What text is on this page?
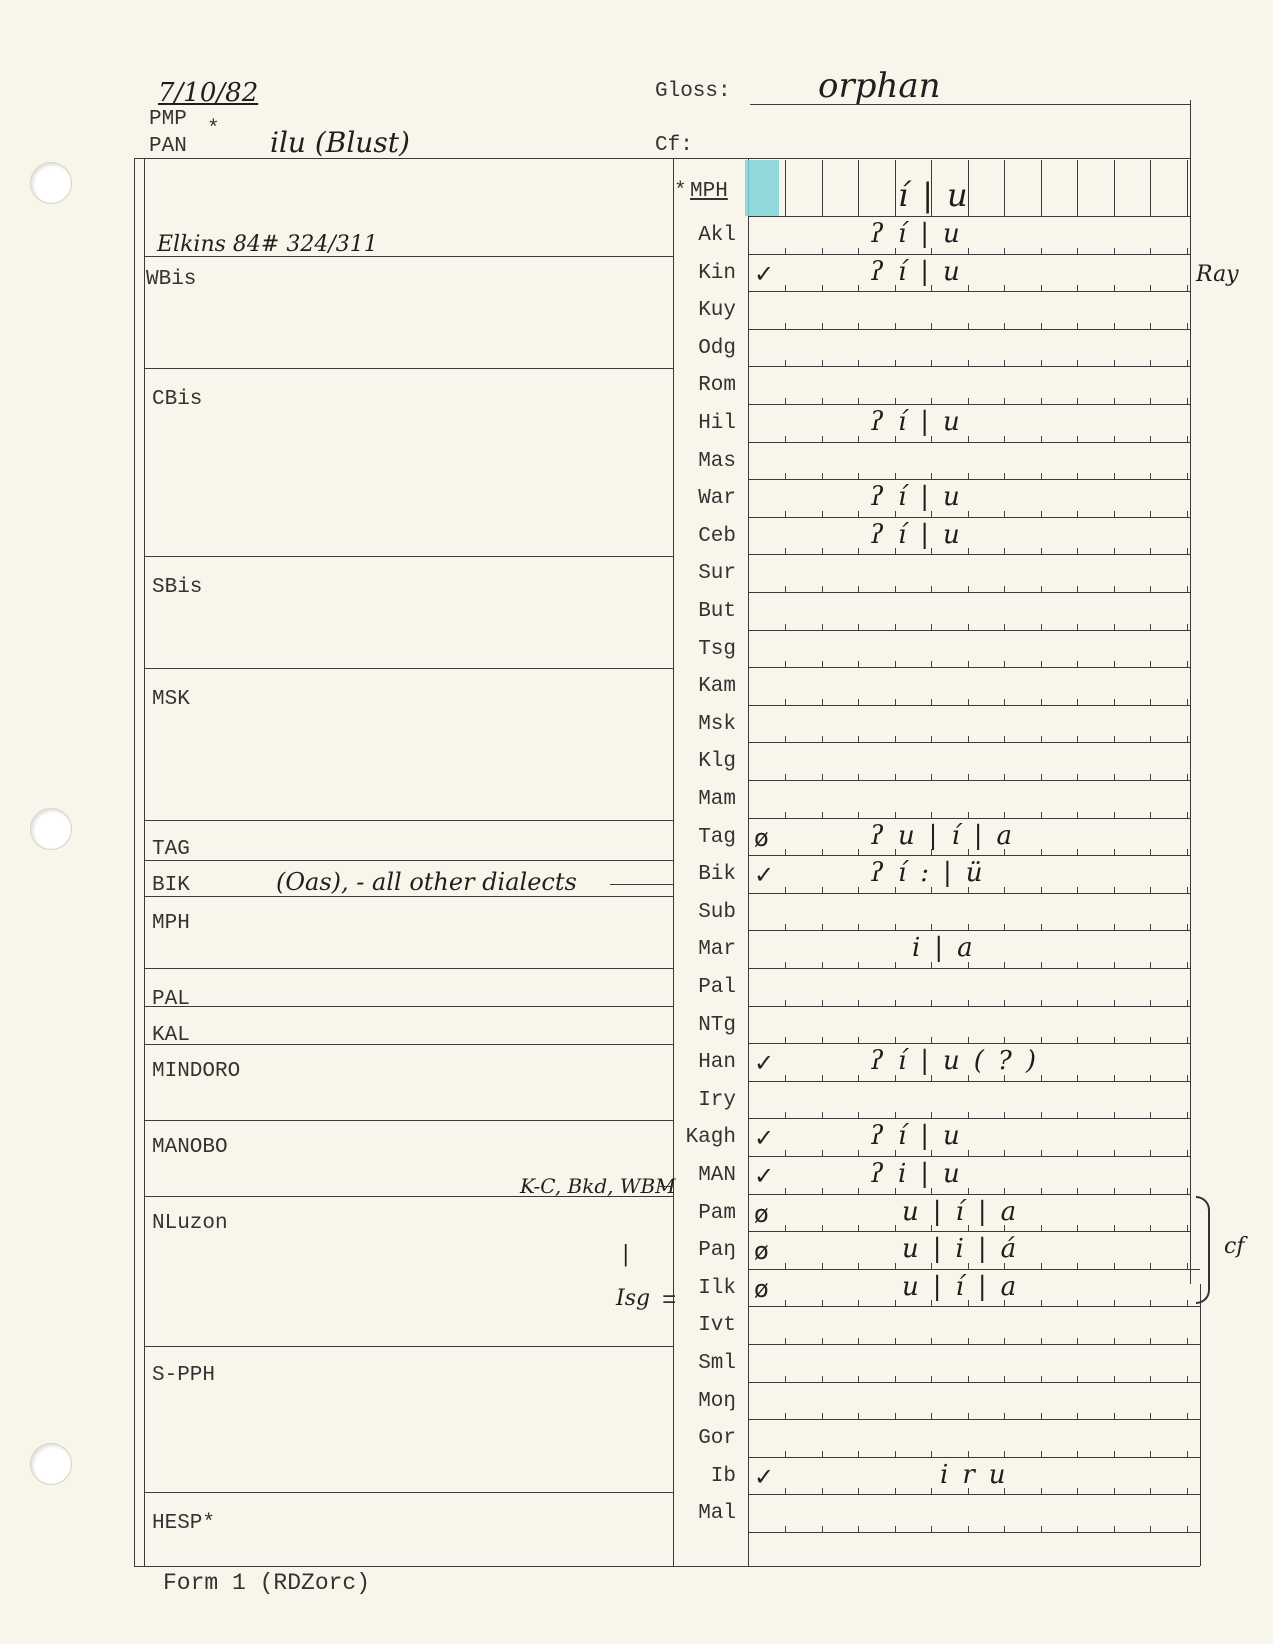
7/10/82
PMP *
PAN	ilu (Blust)
Gloss:	orphan
Cf:
* MPH	í|u
Elkins 84# 324/311
WBis
CBis
SBis
MSK
TAG
BIK	(Oas), - all other dialects
MPH
PAL
KAL
MINDORO
MANOBO
K-C, Bkd, WBM
NLuzon
|
Isg =
S-PPH
HESP*
Akl	ʔí|u
Kin ✓	ʔí|u
Kuy
Odg
Rom
Hil	ʔí|u
Mas
War	ʔí|u
Ceb	ʔí|u
Sur
But
Tsg
Kam
Msk
Klg
Mam
Tag ø	ʔu|í|a
Bik ✓	ʔí:|ü
Sub
Mar	i|a
Pal
NTg
Han ✓	ʔí|u(?)
Iry
Kagh ✓	ʔí|u
MAN ✓	ʔi|u
Pam ø	u|í|a
Paŋ ø	u|i|á
Ilk ø	u|í|a
Ivt
Sml
Moŋ
Gor
Ib ✓	iru
Mal
Ray
cf
Form 1 (RDZorc)
